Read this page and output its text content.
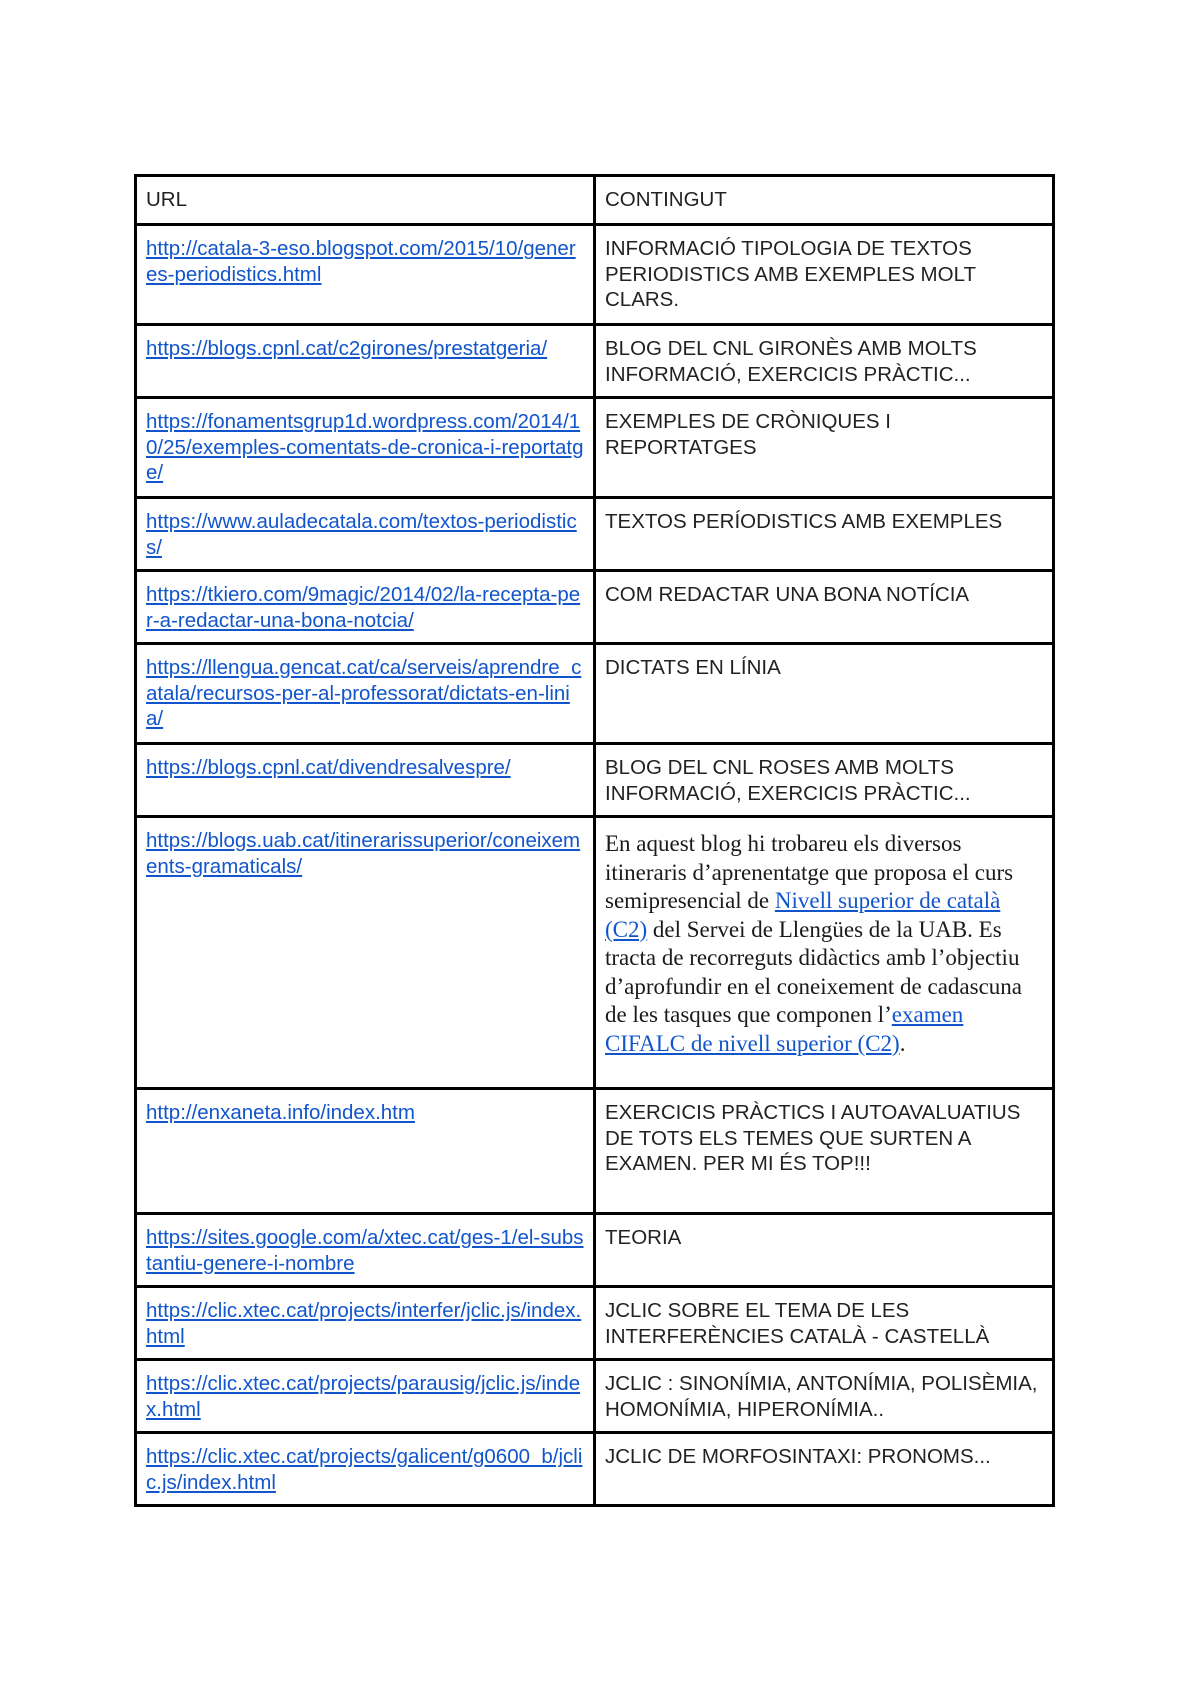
URL	CONTINGUT
http://catala-3-eso.blogspot.com/2015/10/generes-periodistics.html	INFORMACIÓ TIPOLOGIA DE TEXTOS PERIODISTICS AMB EXEMPLES MOLT CLARS.
https://blogs.cpnl.cat/c2girones/prestatgeria/	BLOG DEL CNL GIRONÈS AMB MOLTS INFORMACIÓ, EXERCICIS PRÀCTIC...
https://fonamentsgrup1d.wordpress.com/2014/10/25/exemples-comentats-de-cronica-i-reportatge/	EXEMPLES DE CRÒNIQUES I REPORTATGES
https://www.auladecatala.com/textos-periodistics/	TEXTOS PERÍODISTICS AMB EXEMPLES
https://tkiero.com/9magic/2014/02/la-recepta-per-a-redactar-una-bona-notcia/	COM REDACTAR UNA BONA NOTÍCIA
https://llengua.gencat.cat/ca/serveis/aprendre_catala/recursos-per-al-professorat/dictats-en-linia/	DICTATS EN LÍNIA
https://blogs.cpnl.cat/divendresalvespre/	BLOG DEL CNL ROSES AMB MOLTS INFORMACIÓ, EXERCICIS PRÀCTIC...
https://blogs.uab.cat/itinerarissuperior/coneixements-gramaticals/	En aquest blog hi trobareu els diversos itineraris d’aprenentatge que proposa el curs semipresencial de Nivell superior de català (C2) del Servei de Llengües de la UAB. Es tracta de recorreguts didàctics amb l’objectiu d’aprofundir en el coneixement de cadascuna de les tasques que componen l’examen CIFALC de nivell superior (C2).
http://enxaneta.info/index.htm	EXERCICIS PRÀCTICS I AUTOAVALUATIUS DE TOTS ELS TEMES QUE SURTEN A EXAMEN. PER MI ÉS TOP!!!
https://sites.google.com/a/xtec.cat/ges-1/el-substantiu-genere-i-nombre	TEORIA
https://clic.xtec.cat/projects/interfer/jclic.js/index.html	JCLIC SOBRE EL TEMA DE LES INTERFERÈNCIES CATALÀ - CASTELLÀ
https://clic.xtec.cat/projects/parausig/jclic.js/index.html	JCLIC : SINONÍMIA, ANTONÍMIA, POLISÈMIA, HOMONÍMIA, HIPERONÍMIA..
https://clic.xtec.cat/projects/galicent/g0600_b/jclic.js/index.html	JCLIC DE MORFOSINTAXI: PRONOMS...
